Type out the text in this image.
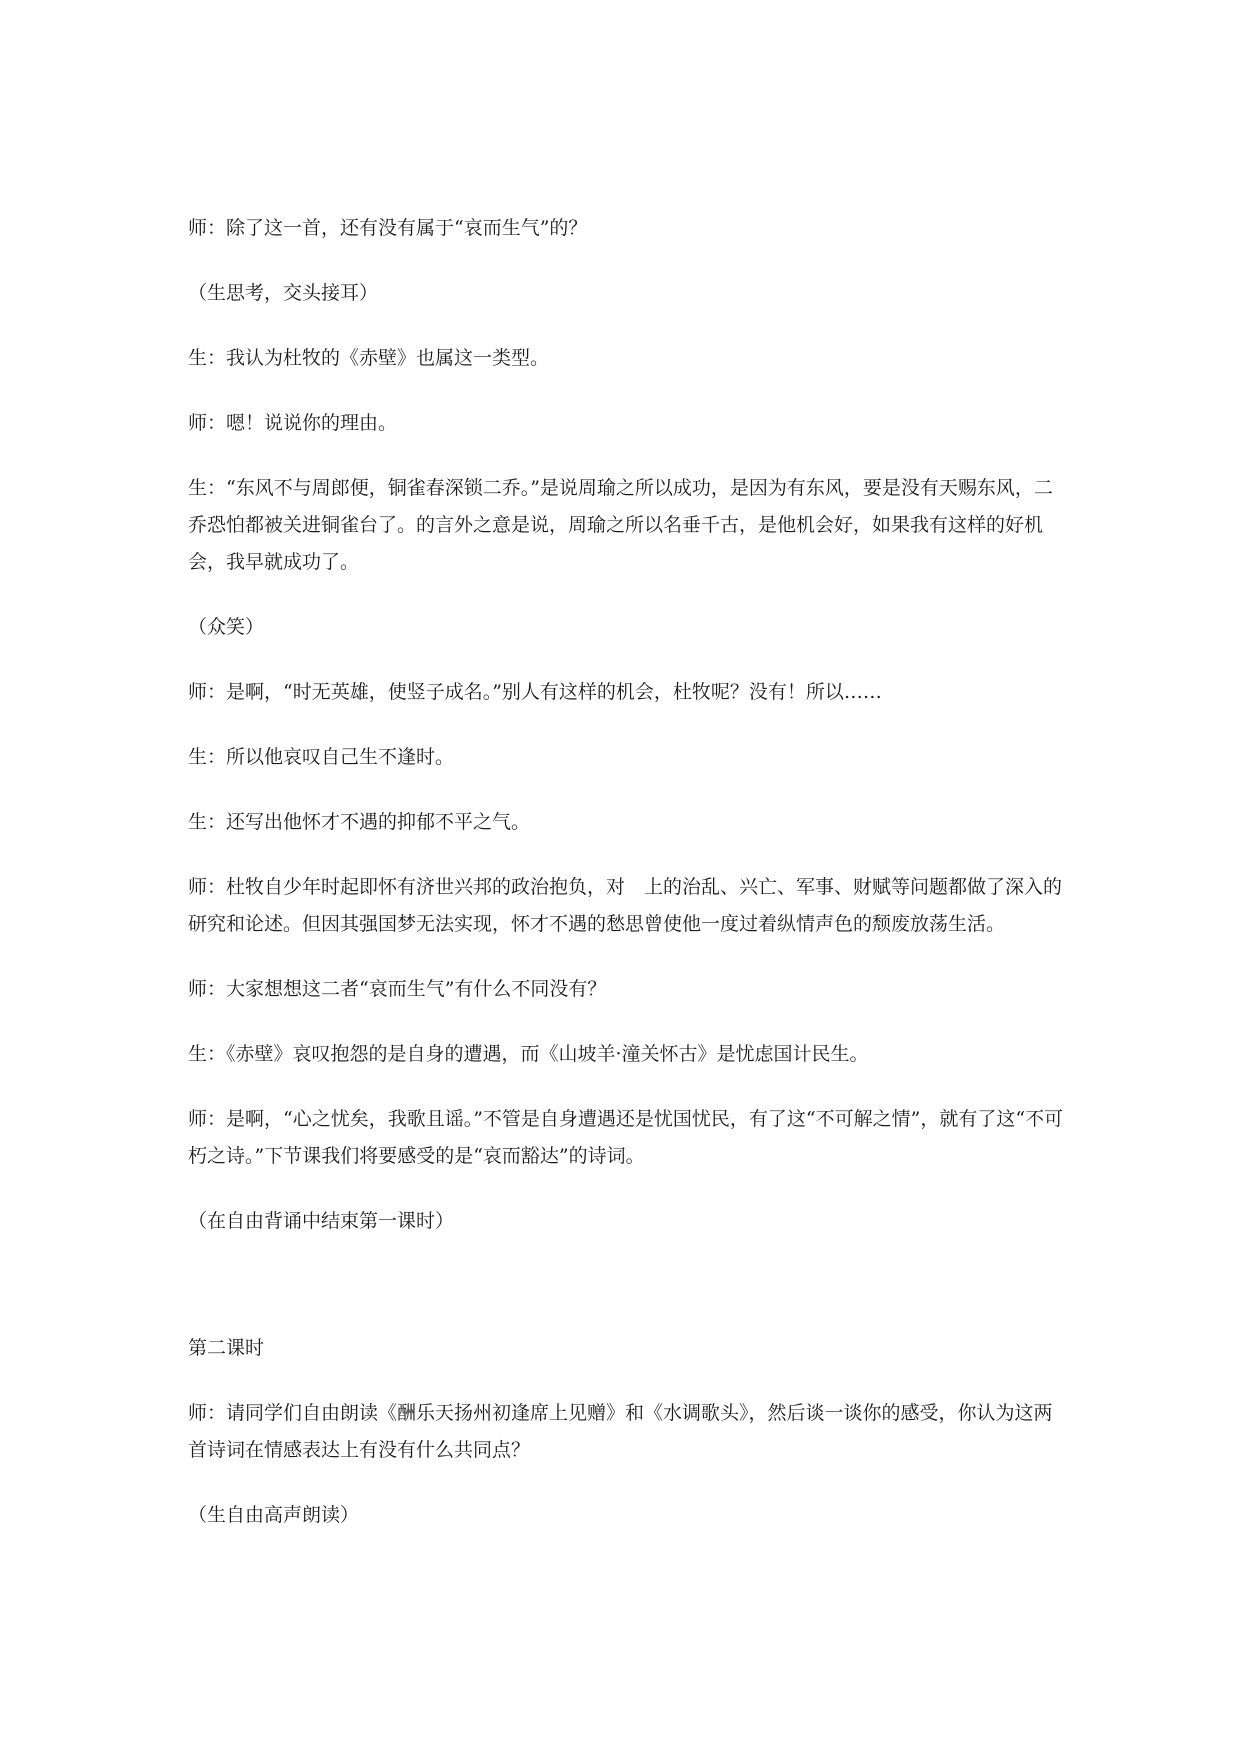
师：除了这一首，还有没有属于“哀而生气”的？

（生思考，交头接耳）

生：我认为杜牧的《赤壁》也属这一类型。

师：嗯！说说你的理由。

生：“东风不与周郎便，铜雀春深锁二乔。”是说周瑜之所以成功，是因为有东风，要是没有天赐东风，二乔恐怕都被关进铜雀台了。的言外之意是说，周瑜之所以名垂千古，是他机会好，如果我有这样的好机会，我早就成功了。

（众笑）

师：是啊，“时无英雄，使竖子成名。”别人有这样的机会，杜牧呢？没有！所以……

生：所以他哀叹自己生不逢时。

生：还写出他怀才不遇的抑郁不平之气。

师：杜牧自少年时起即怀有济世兴邦的政治抱负，对　上的治乱、兴亡、军事、财赋等问题都做了深入的研究和论述。但因其强国梦无法实现，怀才不遇的愁思曾使他一度过着纵情声色的颓废放荡生活。

师：大家想想这二者“哀而生气”有什么不同没有？

生：《赤壁》哀叹抱怨的是自身的遭遇，而《山坡羊·潼关怀古》是忧虑国计民生。

师：是啊，“心之忧矣，我歌且谣。”不管是自身遭遇还是忧国忧民，有了这“不可解之情”，就有了这“不可朽之诗。”下节课我们将要感受的是“哀而豁达”的诗词。

（在自由背诵中结束第一课时）

第二课时

师：请同学们自由朗读《酬乐天扬州初逢席上见赠》和《水调歌头》，然后谈一谈你的感受，你认为这两首诗词在情感表达上有没有什么共同点？

（生自由高声朗读）
